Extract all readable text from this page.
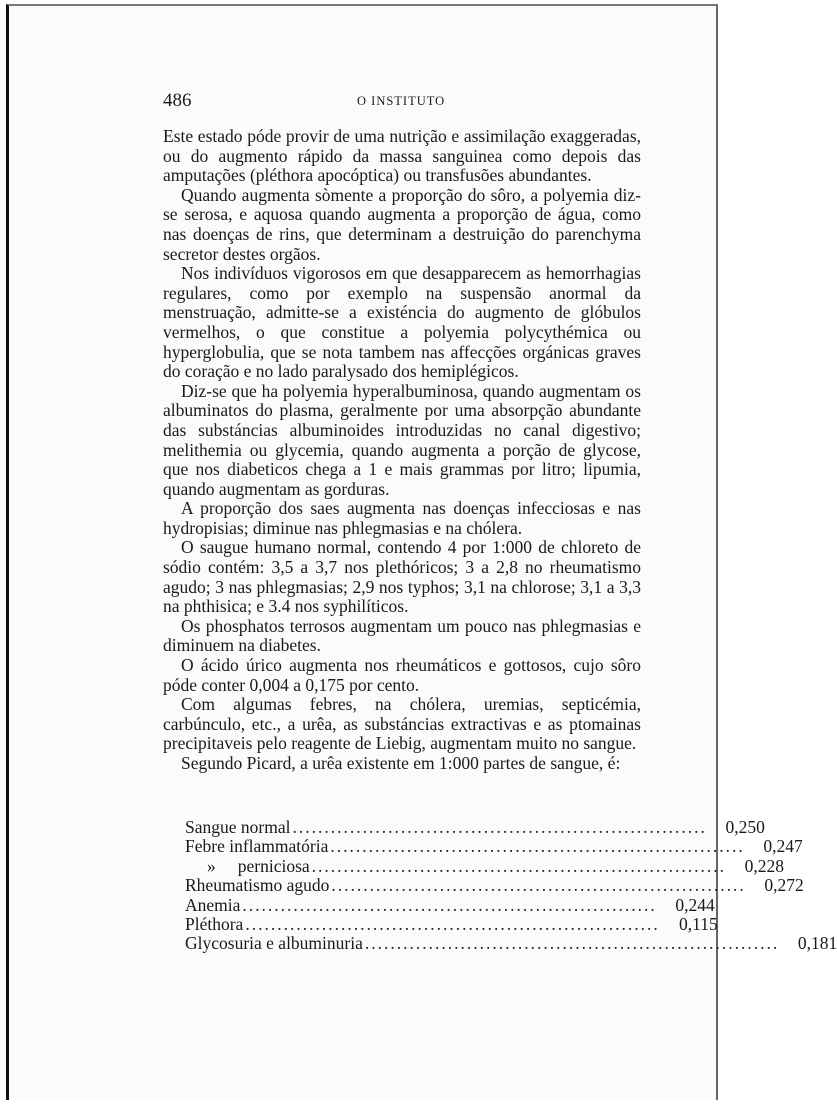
486	O INSTITUTO

Este estado póde provir de uma nutrição e assimilação exaggeradas, ou do augmento rápido da massa sanguinea como depois das amputações (pléthora apocóptica) ou transfusões abundantes.

Quando augmenta sòmente a proporção do sôro, a polyemia diz-se serosa, e aquosa quando augmenta a proporção de água, como nas doenças de rins, que determinam a destruição do parenchyma secretor destes orgãos.

Nos indivíduos vigorosos em que desapparecem as hemorrhagias regulares, como por exemplo na suspensão anormal da menstruação, admitte-se a existéncia do augmento de glóbulos vermelhos, o que constitue a polyemia polycythémica ou hyperglobulia, que se nota tambem nas affecções orgánicas graves do coração e no lado paralysado dos hemiplégicos.

Diz-se que ha polyemia hyperalbuminosa, quando augmentam os albuminatos do plasma, geralmente por uma absorpção abundante das substáncias albuminoides introduzidas no canal digestivo; melithemia ou glycemia, quando augmenta a porção de glycose, que nos diabeticos chega a 1 e mais grammas por litro; lipumia, quando augmentam as gorduras.

A proporção dos saes augmenta nas doenças infecciosas e nas hydropisias; diminue nas phlegmasias e na chólera.

O saugue humano normal, contendo 4 por 1:000 de chloreto de sódio contém: 3,5 a 3,7 nos plethóricos; 3 a 2,8 no rheumatismo agudo; 3 nas phlegmasias; 2,9 nos typhos; 3,1 na chlorose; 3,1 a 3,3 na phthisica; e 3.4 nos syphilíticos.

Os phosphatos terrosos augmentam um pouco nas phlegmasias e diminuem na diabetes.

O ácido úrico augmenta nos rheumáticos e gottosos, cujo sôro póde conter 0,004 a 0,175 por cento.

Com algumas febres, na chólera, uremias, septicémia, carbúnculo, etc., a urêa, as substáncias extractivas e as ptomainas precipitaveis pelo reagente de Liebig, augmentam muito no sangue.

Segundo Picard, a urêa existente em 1:000 partes de sangue, é:

Sangue normal .................................................................	0,250
Febre inflammatória .................................................................	0,247
» perniciosa .................................................................	0,228
Rheumatismo agudo .................................................................	0,272
Anemia .................................................................	0,244
Pléthora .................................................................	0,115
Glycosuria e albuminuria .................................................................	0,181
